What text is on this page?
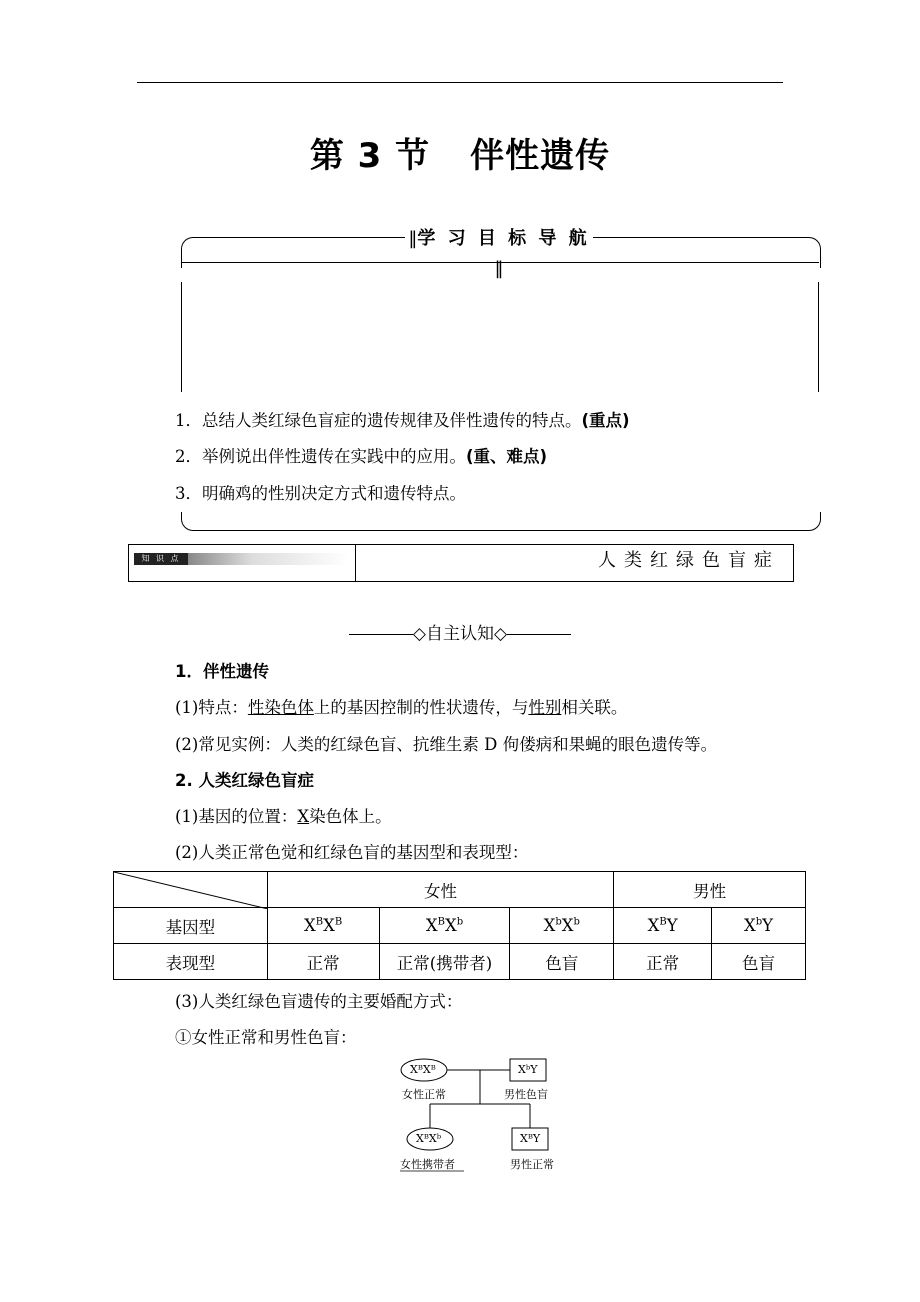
第 3 节 伴性遗传
‖学 习 目 标 导 航‖
1．总结人类红绿色盲症的遗传规律及伴性遗传的特点。(重点)
2．举例说出伴性遗传在实践中的应用。(重、难点)
3．明确鸡的性别决定方式和遗传特点。
知 识 点	人类红绿色盲症
◇自主认知◇
1．伴性遗传
(1)特点：性染色体上的基因控制的性状遗传，与性别相关联。
(2)常见实例：人类的红绿色盲、抗维生素 D 佝偻病和果蝇的眼色遗传等。
2. 人类红绿色盲症
(1)基因的位置：X染色体上。
(2)人类正常色觉和红绿色盲的基因型和表现型：
	女性			男性	
基因型	$X^BX^B$	$X^BX^b$	$X^bX^b$	$X^BY$	$X^bY$
表现型	正常	正常(携带者)	色盲	正常	色盲
(3)人类红绿色盲遗传的主要婚配方式：
①女性正常和男性色盲：
XᴮXᴮ
女性正常
XᵇY
男性色盲
XᴮXᵇ
女性携带者
XᴮY
男性正常
